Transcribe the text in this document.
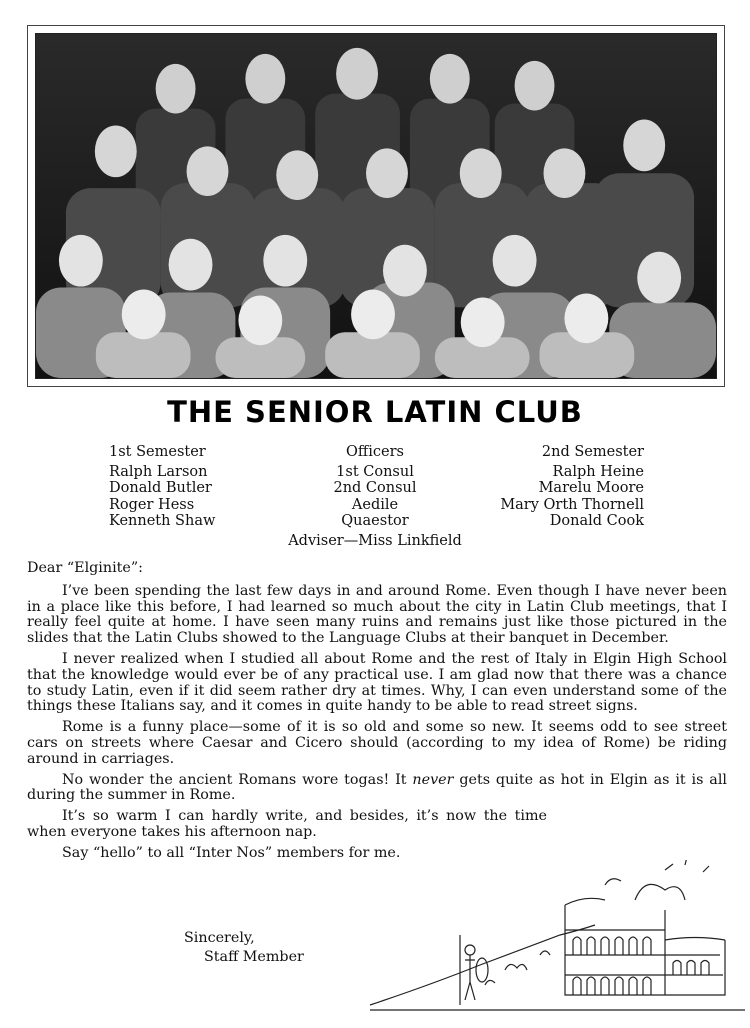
THE SENIOR LATIN CLUB
1st Semester
Ralph Larson
Donald Butler
Roger Hess
Kenneth Shaw
Officers
1st Consul
2nd Consul
Aedile
Quaestor
2nd Semester
Ralph Heine
Marelu Moore
Mary Orth Thornell
Donald Cook
Adviser—Miss Linkfield

Dear “Elginite”:

I’ve been spending the last few days in and around Rome. Even though I have never been in a place like this before, I had learned so much about the city in Latin Club meetings, that I really feel quite at home. I have seen many ruins and remains just like those pictured in the slides that the Latin Clubs showed to the Language Clubs at their banquet in December.

I never realized when I studied all about Rome and the rest of Italy in Elgin High School that the knowledge would ever be of any practical use. I am glad now that there was a chance to study Latin, even if it did seem rather dry at times. Why, I can even understand some of the things these Italians say, and it comes in quite handy to be able to read street signs.

Rome is a funny place—some of it is so old and some so new. It seems odd to see street cars on streets where Caesar and Cicero should (according to my idea of Rome) be riding around in carriages.

No wonder the ancient Romans wore togas! It never gets quite as hot in Elgin as it is all during the summer in Rome.

It’s so warm I can hardly write, and besides, it’s now the time when everyone takes his afternoon nap.

Say “hello” to all “Inter Nos” members for me.

Sincerely,
Staff Member
